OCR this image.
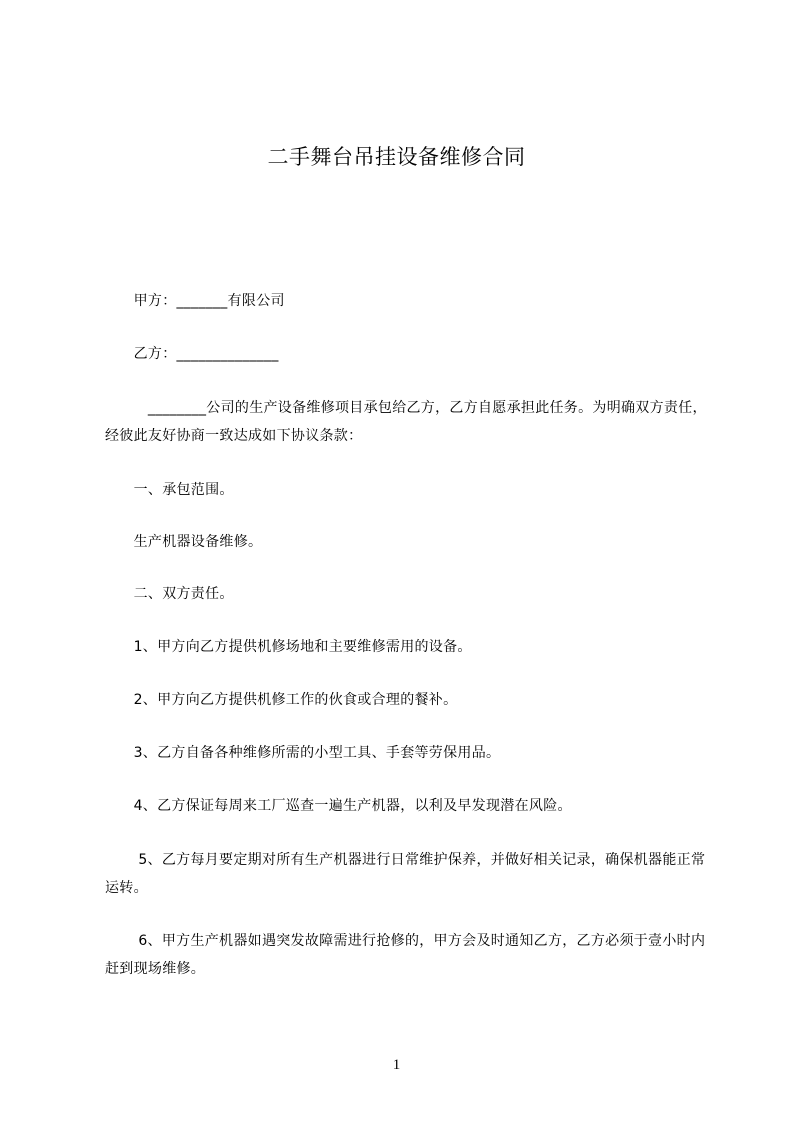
二手舞台吊挂设备维修合同
　　甲方：_______有限公司
　　乙方：______________
　　　________公司的生产设备维修项目承包给乙方，乙方自愿承担此任务。为明确双方责任，经彼此友好协商一致达成如下协议条款：
　　一、承包范围。
　　生产机器设备维修。
　　二、双方责任。
　　1、甲方向乙方提供机修场地和主要维修需用的设备。
　　2、甲方向乙方提供机修工作的伙食或合理的餐补。
　　3、乙方自备各种维修所需的小型工具、手套等劳保用品。
　　4、乙方保证每周来工厂巡查一遍生产机器，以利及早发现潜在风险。
　　 5、乙方每月要定期对所有生产机器进行日常维护保养，并做好相关记录，确保机器能正常运转。
　　 6、甲方生产机器如遇突发故障需进行抢修的，甲方会及时通知乙方，乙方必须于壹小时内赶到现场维修。
1
